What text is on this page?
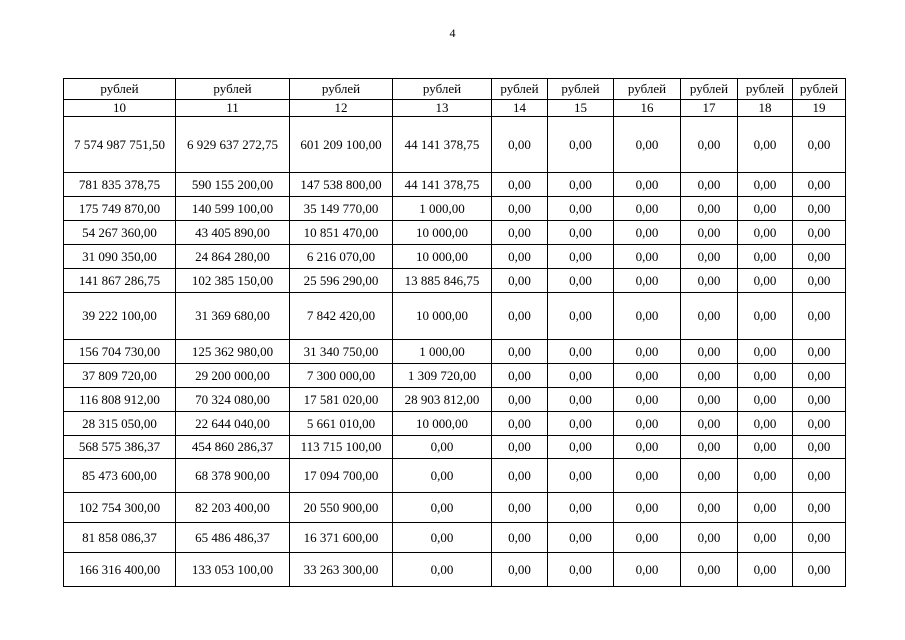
4
рублей	рублей	рублей	рублей	рублей	рублей	рублей	рублей	рублей	рублей
10	11	12	13	14	15	16	17	18	19
7 574 987 751,50	6 929 637 272,75	601 209 100,00	44 141 378,75	0,00	0,00	0,00	0,00	0,00	0,00
781 835 378,75	590 155 200,00	147 538 800,00	44 141 378,75	0,00	0,00	0,00	0,00	0,00	0,00
175 749 870,00	140 599 100,00	35 149 770,00	1 000,00	0,00	0,00	0,00	0,00	0,00	0,00
54 267 360,00	43 405 890,00	10 851 470,00	10 000,00	0,00	0,00	0,00	0,00	0,00	0,00
31 090 350,00	24 864 280,00	6 216 070,00	10 000,00	0,00	0,00	0,00	0,00	0,00	0,00
141 867 286,75	102 385 150,00	25 596 290,00	13 885 846,75	0,00	0,00	0,00	0,00	0,00	0,00
39 222 100,00	31 369 680,00	7 842 420,00	10 000,00	0,00	0,00	0,00	0,00	0,00	0,00
156 704 730,00	125 362 980,00	31 340 750,00	1 000,00	0,00	0,00	0,00	0,00	0,00	0,00
37 809 720,00	29 200 000,00	7 300 000,00	1 309 720,00	0,00	0,00	0,00	0,00	0,00	0,00
116 808 912,00	70 324 080,00	17 581 020,00	28 903 812,00	0,00	0,00	0,00	0,00	0,00	0,00
28 315 050,00	22 644 040,00	5 661 010,00	10 000,00	0,00	0,00	0,00	0,00	0,00	0,00
568 575 386,37	454 860 286,37	113 715 100,00	0,00	0,00	0,00	0,00	0,00	0,00	0,00
85 473 600,00	68 378 900,00	17 094 700,00	0,00	0,00	0,00	0,00	0,00	0,00	0,00
102 754 300,00	82 203 400,00	20 550 900,00	0,00	0,00	0,00	0,00	0,00	0,00	0,00
81 858 086,37	65 486 486,37	16 371 600,00	0,00	0,00	0,00	0,00	0,00	0,00	0,00
166 316 400,00	133 053 100,00	33 263 300,00	0,00	0,00	0,00	0,00	0,00	0,00	0,00
